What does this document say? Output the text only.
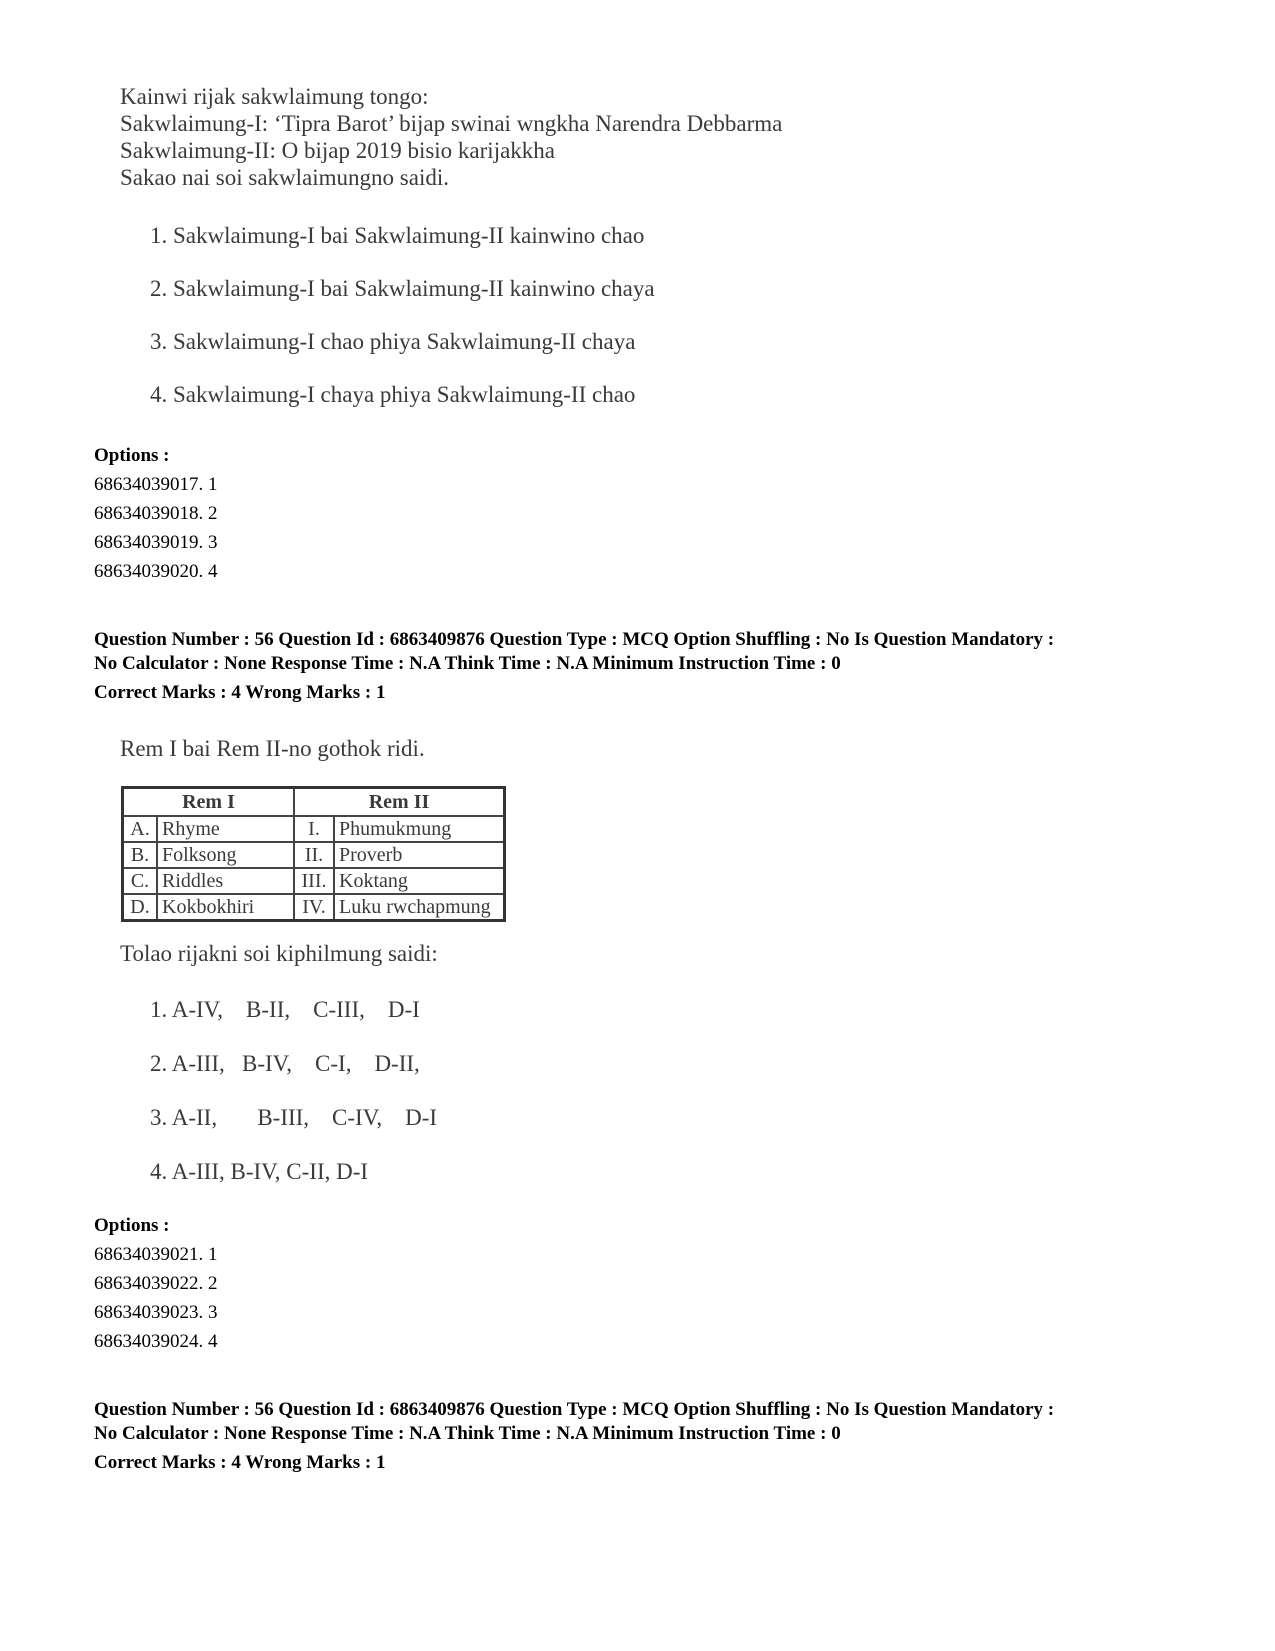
Kainwi rijak sakwlaimung tongo:
Sakwlaimung-I: ‘Tipra Barot’ bijap swinai wngkha Narendra Debbarma
Sakwlaimung-II: O bijap 2019 bisio karijakkha
Sakao nai soi sakwlaimungno saidi.
1. Sakwlaimung-I bai Sakwlaimung-II kainwino chao
2. Sakwlaimung-I bai Sakwlaimung-II kainwino chaya
3. Sakwlaimung-I chao phiya Sakwlaimung-II chaya
4. Sakwlaimung-I chaya phiya Sakwlaimung-II chao
Options :
68634039017. 1
68634039018. 2
68634039019. 3
68634039020. 4
Question Number : 56 Question Id : 6863409876 Question Type : MCQ Option Shuffling : No Is Question Mandatory :
No Calculator : None Response Time : N.A Think Time : N.A Minimum Instruction Time : 0
Correct Marks : 4 Wrong Marks : 1
Rem I bai Rem II-no gothok ridi.
Rem I		Rem II	
A.	Rhyme	I.	Phumukmung
B.	Folksong	II.	Proverb
C.	Riddles	III.	Koktang
D.	Kokbokhiri	IV.	Luku rwchapmung
Tolao rijakni soi kiphilmung saidi:

1. A-IV,    B-II,    C-III,    D-I

2. A-III,   B-IV,    C-I,    D-II,

3. A-II,       B-III,    C-IV,    D-I

4. A-III, B-IV, C-II, D-I

Options :
68634039021. 1
68634039022. 2
68634039023. 3
68634039024. 4
Question Number : 56 Question Id : 6863409876 Question Type : MCQ Option Shuffling : No Is Question Mandatory :
No Calculator : None Response Time : N.A Think Time : N.A Minimum Instruction Time : 0
Correct Marks : 4 Wrong Marks : 1
